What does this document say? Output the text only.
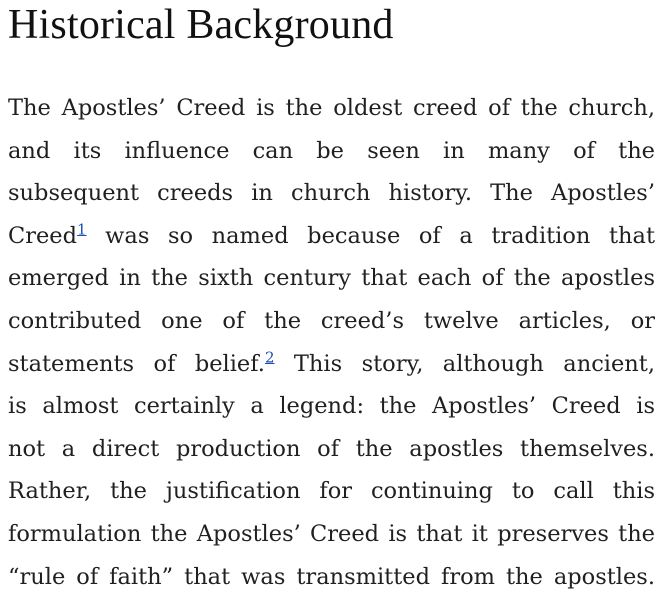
Historical Background
The Apostles’ Creed is the oldest creed of the church,
and its influence can be seen in many of the
subsequent creeds in church history. The Apostles’
Creed$^1$ was so named because of a tradition that
emerged in the sixth century that each of the apostles
contributed one of the creed’s twelve articles, or
statements of belief.$^2$ This story, although ancient,
is almost certainly a legend: the Apostles’ Creed is
not a direct production of the apostles themselves.
Rather, the justification for continuing to call this
formulation the Apostles’ Creed is that it preserves the
“rule of faith” that was transmitted from the apostles.
